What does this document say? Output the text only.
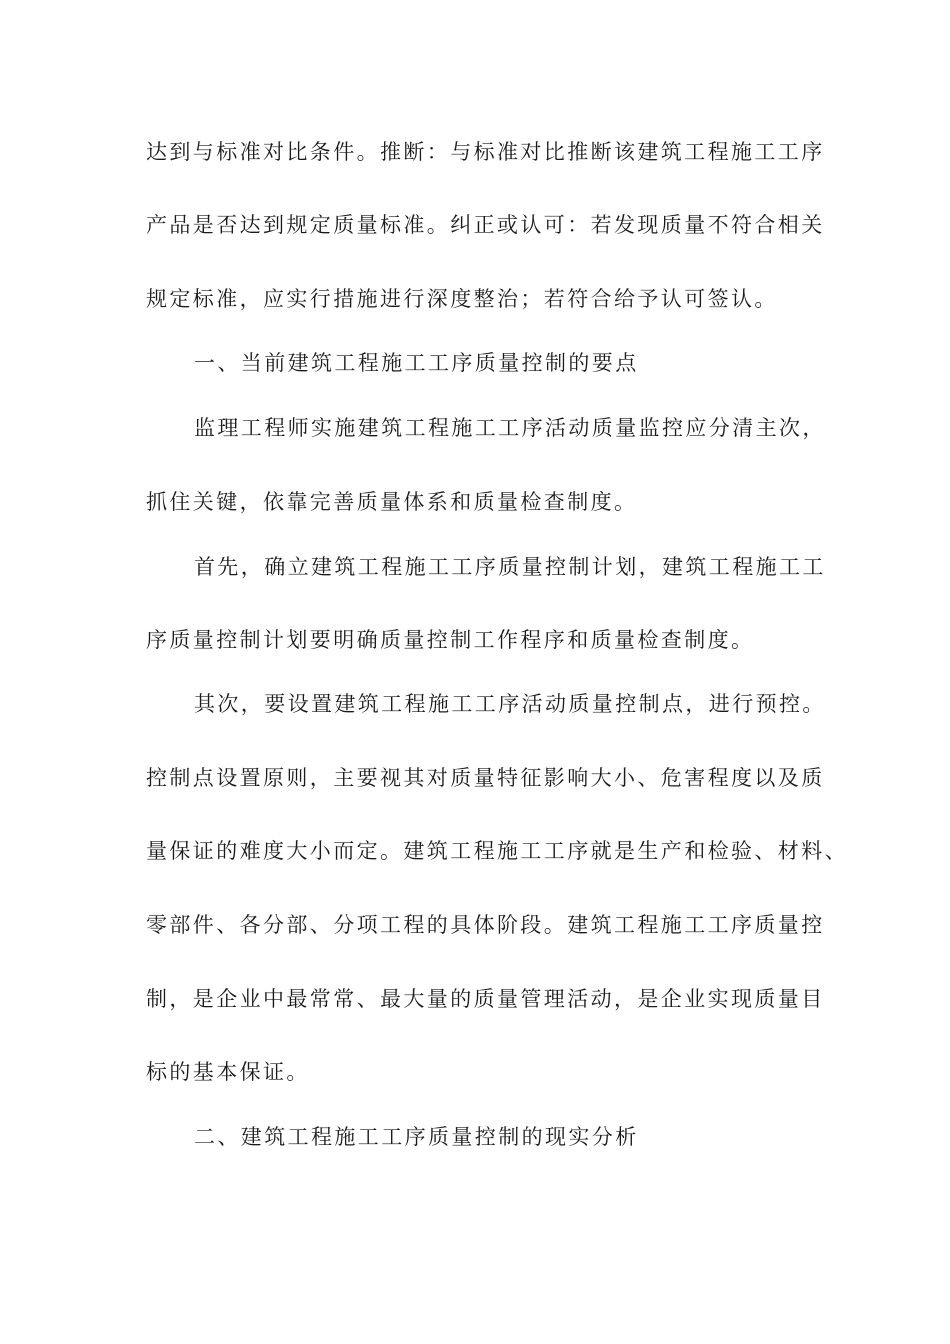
达到与标准对比条件。推断：与标准对比推断该建筑工程施工工序
产品是否达到规定质量标准。纠正或认可：若发现质量不符合相关
规定标准，应实行措施进行深度整治；若符合给予认可签认。
一、当前建筑工程施工工序质量控制的要点
监理工程师实施建筑工程施工工序活动质量监控应分清主次，
抓住关键，依靠完善质量体系和质量检查制度。
首先，确立建筑工程施工工序质量控制计划，建筑工程施工工
序质量控制计划要明确质量控制工作程序和质量检查制度。
其次，要设置建筑工程施工工序活动质量控制点，进行预控。
控制点设置原则，主要视其对质量特征影响大小、危害程度以及质
量保证的难度大小而定。建筑工程施工工序就是生产和检验、材料、
零部件、各分部、分项工程的具体阶段。建筑工程施工工序质量控
制，是企业中最常常、最大量的质量管理活动，是企业实现质量目
标的基本保证。
二、建筑工程施工工序质量控制的现实分析
